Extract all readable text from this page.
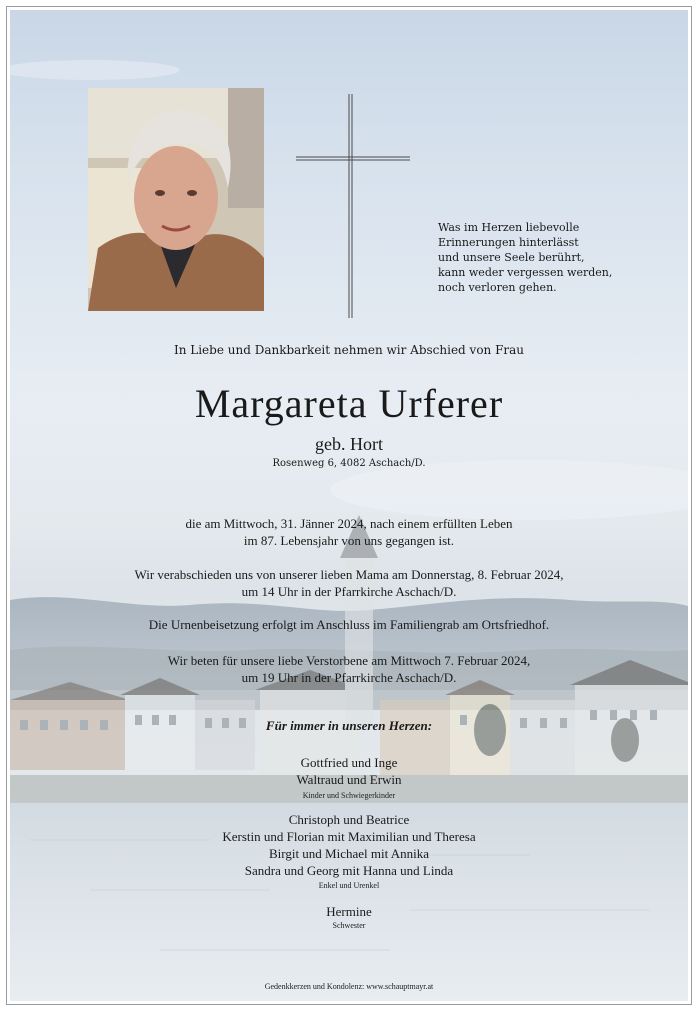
Was im Herzen liebevolle
Erinnerungen hinterlässt
und unsere Seele berührt,
kann weder vergessen werden,
noch verloren gehen.
In Liebe und Dankbarkeit nehmen wir Abschied von Frau
Margareta Urferer
geb. Hort
Rosenweg 6, 4082 Aschach/D.
die am Mittwoch, 31. Jänner 2024, nach einem erfüllten Leben
im 87. Lebensjahr von uns gegangen ist.
Wir verabschieden uns von unserer lieben Mama am Donnerstag, 8. Februar 2024,
um 14 Uhr in der Pfarrkirche Aschach/D.
Die Urnenbeisetzung erfolgt im Anschluss im Familiengrab am Ortsfriedhof.
Wir beten für unsere liebe Verstorbene am Mittwoch 7. Februar 2024,
um 19 Uhr in der Pfarrkirche Aschach/D.
Für immer in unseren Herzen:
Gottfried und Inge
Waltraud und Erwin
Kinder und Schwiegerkinder
Christoph und Beatrice
Kerstin und Florian mit Maximilian und Theresa
Birgit und Michael mit Annika
Sandra und Georg mit Hanna und Linda
Enkel und Urenkel
Hermine
Schwester
Gedenkkerzen und Kondolenz: www.schauptmayr.at
